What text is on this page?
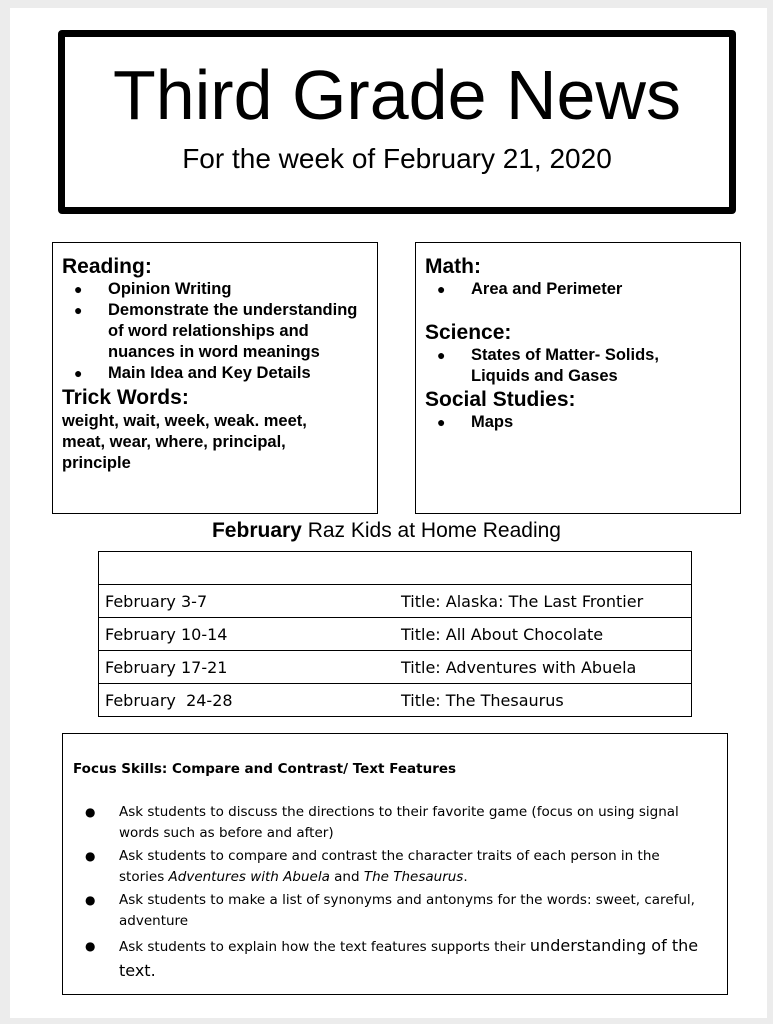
Third Grade News
For the week of February 21, 2020

Reading:

● Opinion Writing
● Demonstrate the understanding of word relationships and nuances in word meanings
● Main Idea and Key Details

Trick Words:

weight, wait, week, weak. meet, meat, wear, where, principal, principle

Math:

● Area and Perimeter

Science:

● States of Matter- Solids, Liquids and Gases

Social Studies:

● Maps
February Raz Kids at Home Reading

February 3-7	Title: Alaska: The Last Frontier
February 10-14	Title: All About Chocolate
February 17-21	Title: Adventures with Abuela
February  24-28	Title: The Thesaurus
Focus Skills: Compare and Contrast/ Text Features
● Ask students to discuss the directions to their favorite game (focus on using signal words such as before and after)
● Ask students to compare and contrast the character traits of each person in the stories Adventures with Abuela and The Thesaurus.
● Ask students to make a list of synonyms and antonyms for the words: sweet, careful, adventure
● Ask students to explain how the text features supports their understanding of the text.
